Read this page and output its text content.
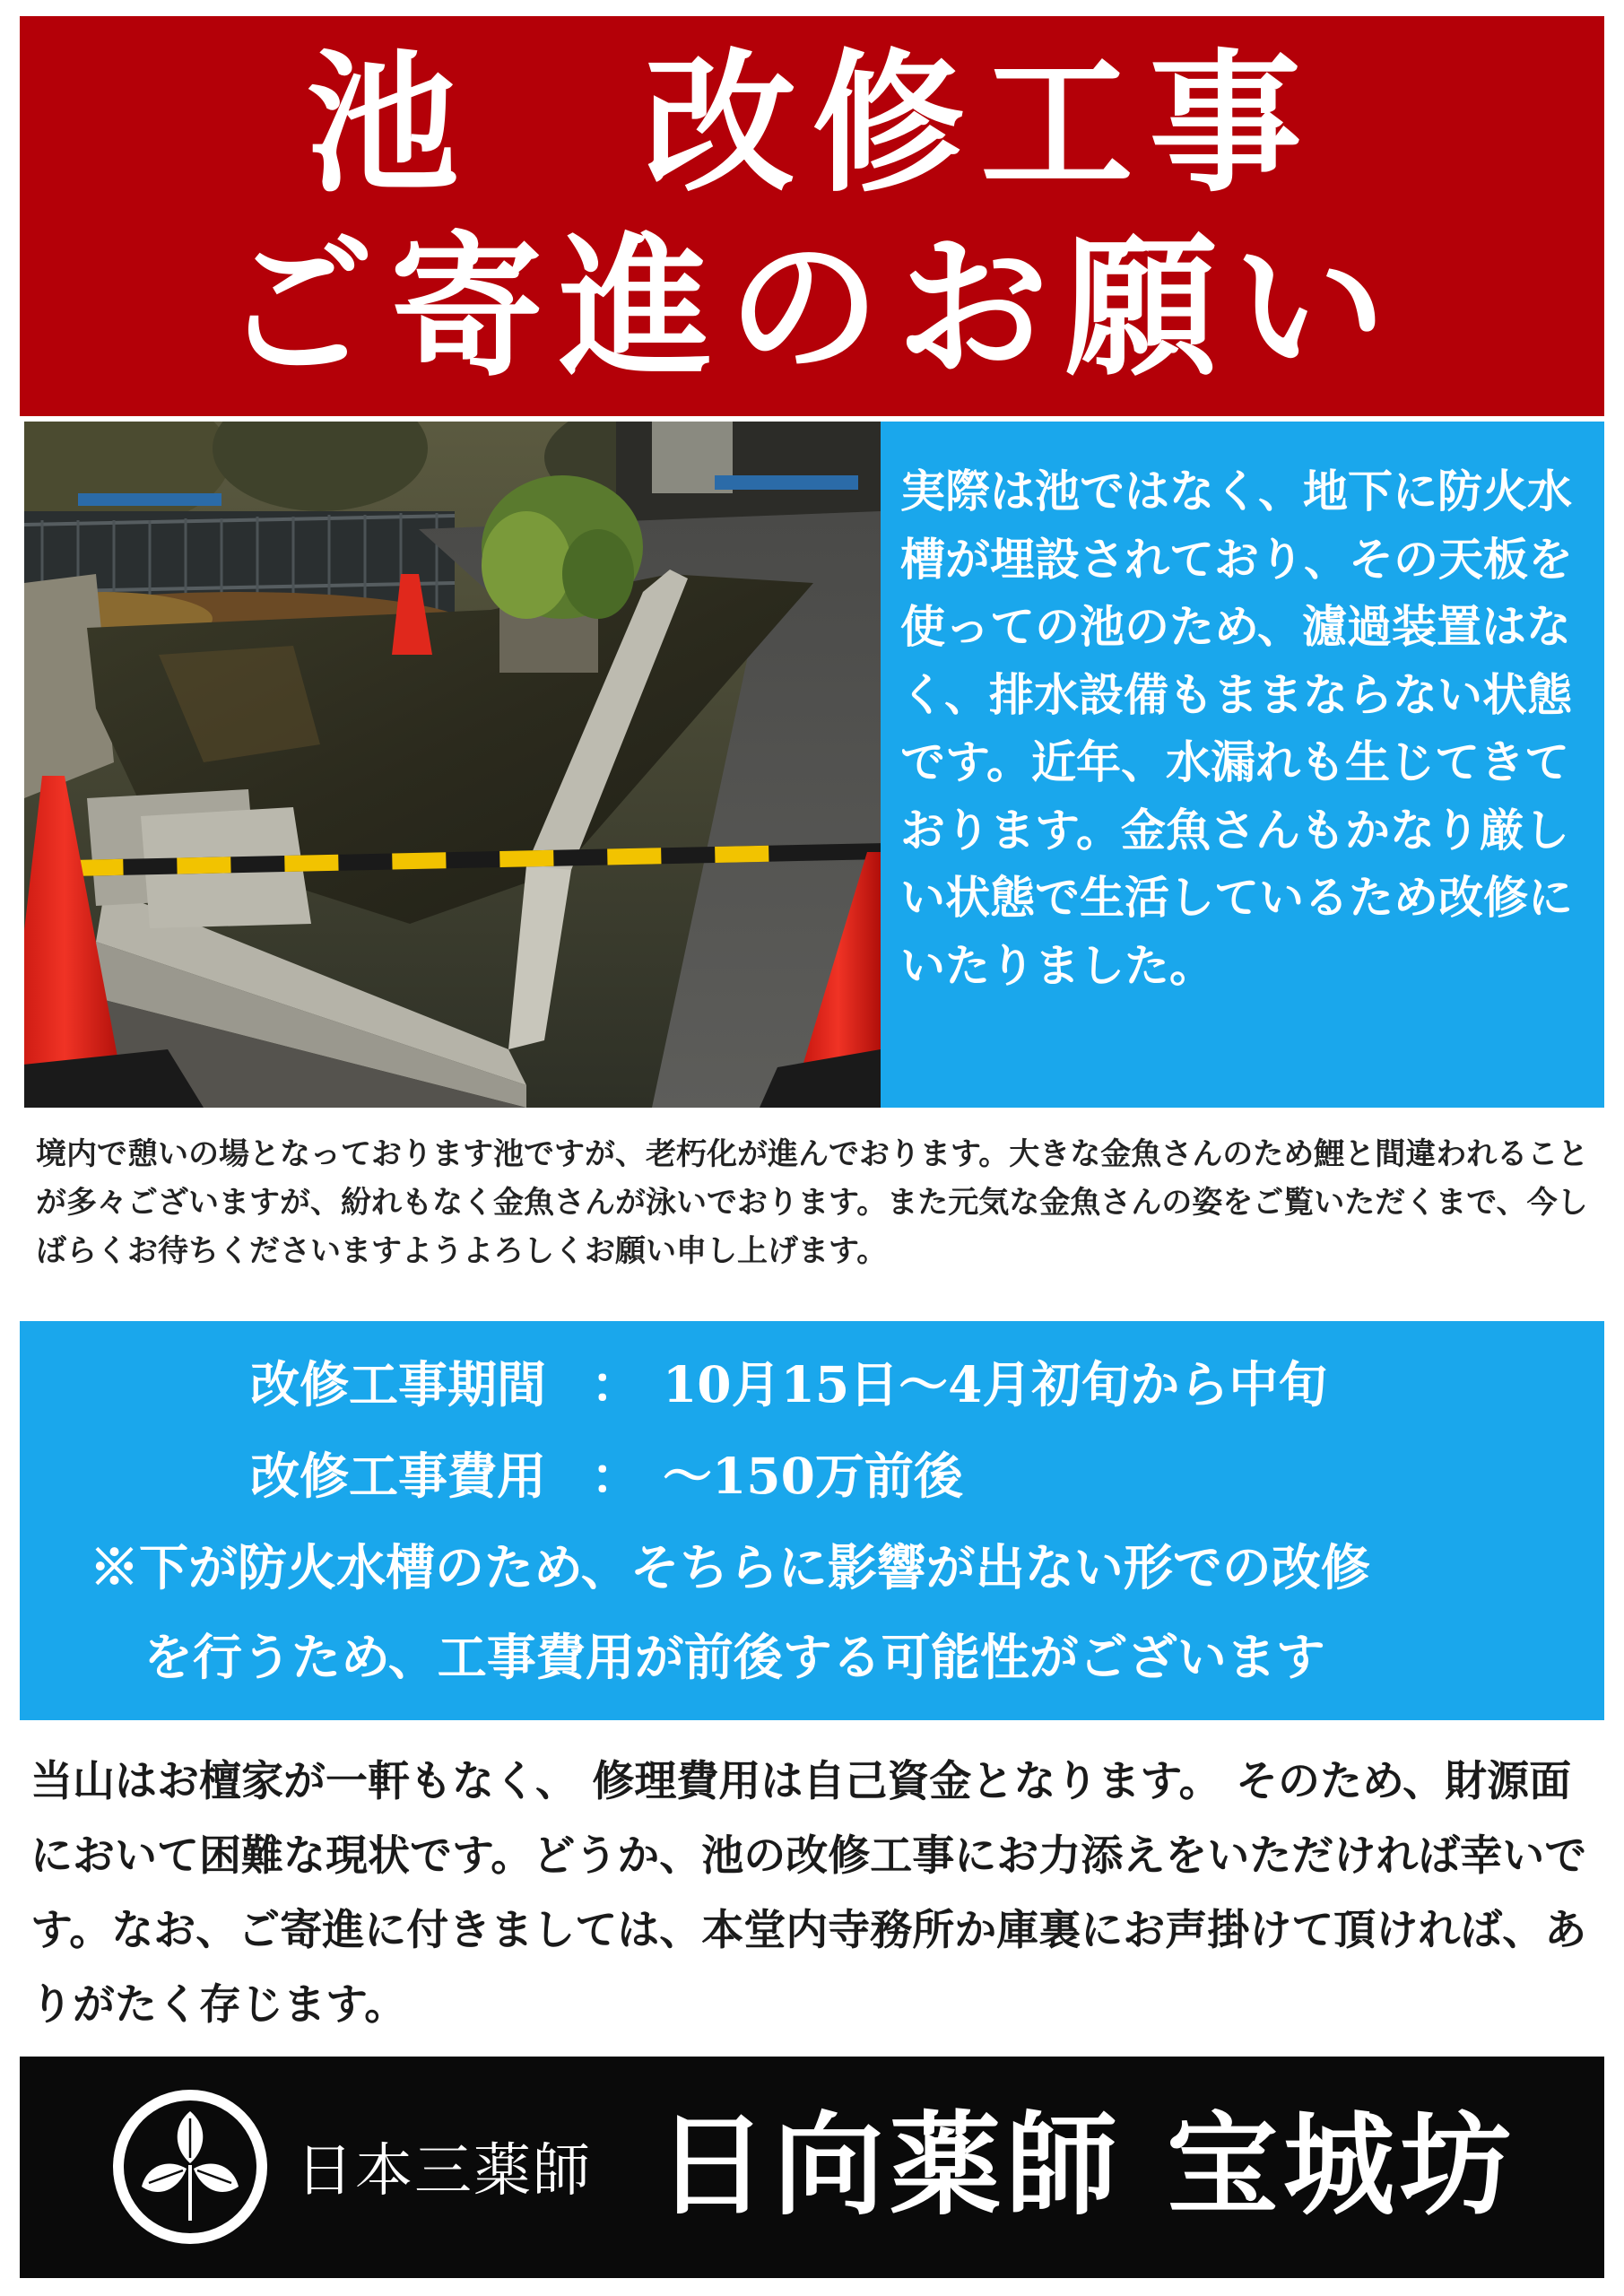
池　改修工事
ご寄進のお願い
実際は池ではなく、地下に防火水槽が埋設されており、その天板を使っての池のため、濾過装置はなく、排水設備もままならない状態です。近年、水漏れも生じてきております。金魚さんもかなり厳しい状態で生活しているため改修にいたりました。
境内で憩いの場となっております池ですが、老朽化が進んでおります。大きな金魚さんのため鯉と間違われることが多々ございますが、紛れもなく金魚さんが泳いでおります。また元気な金魚さんの姿をご覧いただくまで、今しばらくお待ちくださいますようよろしくお願い申し上げます。
改修工事期間 ： 10月15日～4月初旬から中旬
改修工事費用 ： ～150万前後
※下が防火水槽のため、そちらに影響が出ない形での改修
を行うため、工事費用が前後する可能性がございます
当山はお檀家が一軒もなく、 修理費用は自己資金となります。 そのため、財源面において困難な現状です。どうか、池の改修工事にお力添えをいただければ幸いです。なお、ご寄進に付きましては、本堂内寺務所か庫裏にお声掛けて頂ければ、ありがたく存じます。
日本三薬師 日向薬師 宝城坊
